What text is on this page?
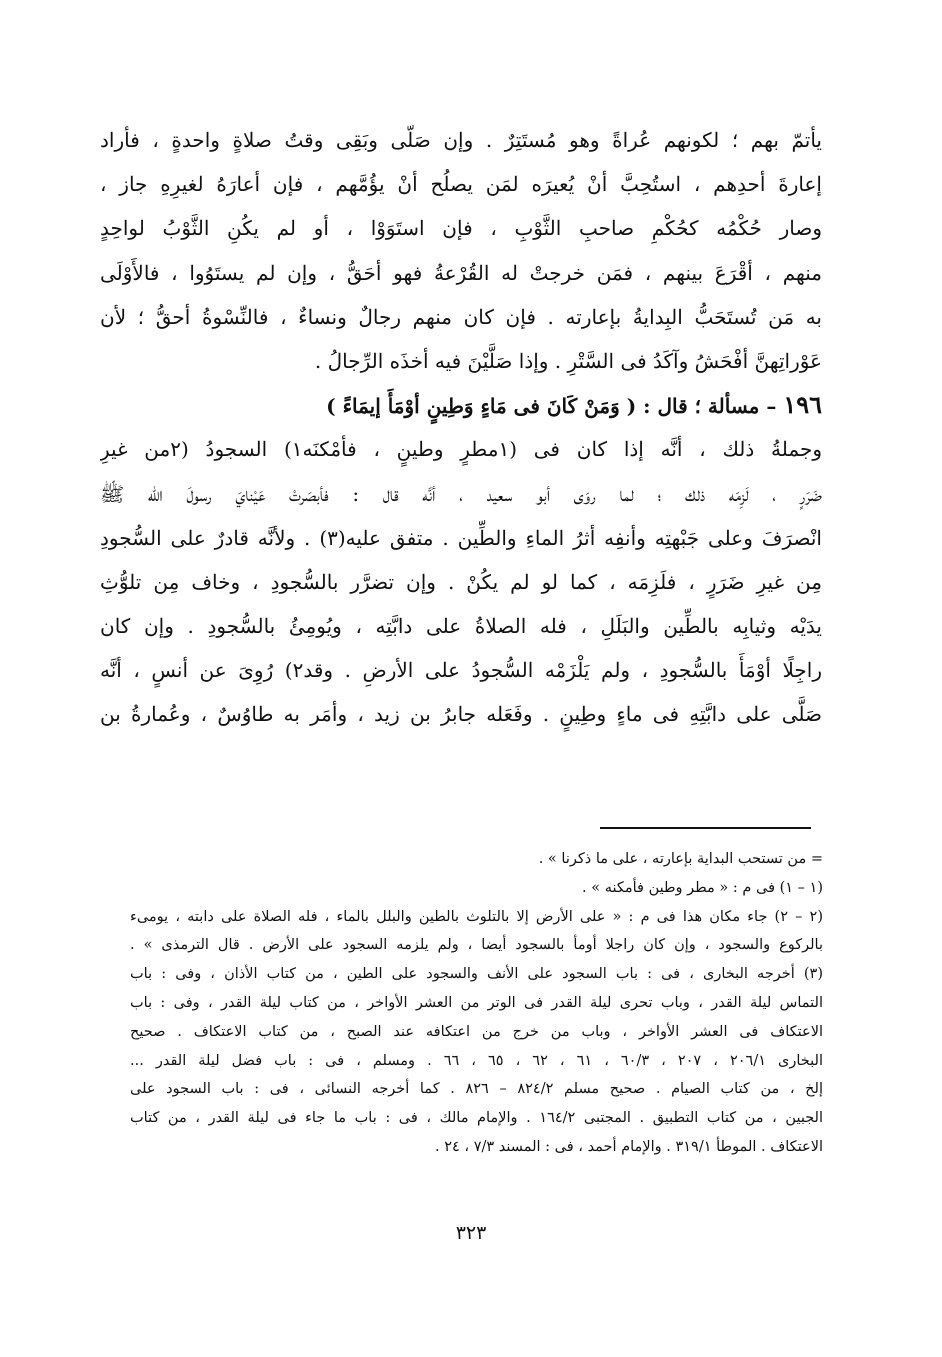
يأتمّ بهم ؛ لكونهم عُراةً وهو مُستَتِرٌ . وإن صَلّى وبَقِى وقتُ صلاةٍ واحدةٍ ، فأراد
إعارةَ أحدِهم ، استُحِبَّ أنْ يُعيرَه لمَن يصلُح أنْ يؤُمَّهم ، فإن أعارَهُ لغيرِهِ جاز ،
وصار حُكْمُه كحُكْمِ صاحبِ الثَّوْبِ ، فإن استَوَوْا ، أو لم يكُنِ الثَّوْبُ لواحِدٍ
منهم ، أقْرَعَ بينهم ، فمَن خرجتْ له القُرْعةُ فهو أحَقُّ ، وإن لم يستَوُوا ، فالأَوْلَى
به مَن تُستَحَبُّ البِدايةُ بإعارته . فإن كان منهم رجالٌ ونساءٌ ، فالنِّسْوةُ أحقُّ ؛ لأن
عَوْراتِهنَّ أفْحَشُ وآكَدُ فى السَّتْرِ . وإذا صَلَّيْنَ فيه أخذَه الرِّجالُ .
١٩٦ – مسألة ؛ قال : ( وَمَنْ كَانَ فى مَاءٍ وَطِينٍ أوْمَأَ إيمَاءً )
وجملةُ ذلك ، أنَّه إذا كان فى (١مطرٍ وطينٍ ، فأمْكنَه١) السجودُ (٢من غيرِ
ضَرَرٍ ، لَزِمَه ذلك ؛ لما روَى أبو سعيد ، أنَّه قال : فأبصَرتْ عَيْنايَ رسولَ الله ﷺ
انْصرَفَ وعلى جَبْهتِه وأنفِه أثرُ الماءِ والطِّين . متفق عليه(٣) . ولأنَّه قادرٌ على السُّجودِ
مِن غيرِ ضَرَرٍ ، فلَزِمَه ، كما لو لم يكُنْ . وإن تضرَّر بالسُّجودِ ، وخاف مِن تلوُّثِ
يدَيْه وثيابِه بالطِّين والبَلَلِ ، فله الصلاةُ على دابَّتِه ، ويُومِئُ بالسُّجودِ . وإن كان
راجِلًا أوْمَأَ بالسُّجودِ ، ولم يَلْزَمْه السُّجودُ على الأرضِ . وقد٢) رُوِىَ عن أنسٍ ، أنَّه
صَلَّى على دابَّتِهِ فى ماءٍ وطِينٍ . وفَعَله جابرُ بن زيد ، وأمَر به طاوُسٌ ، وعُمارةُ بن
= من تستحب البداية بإعارته ، على ما ذكرنا » .
(١ – ١) فى م : « مطر وطين فأمكنه » .
(٢ – ٢) جاء مكان هذا فى م : « على الأرض إلا بالتلوث بالطين والبلل بالماء ، فله الصلاة على دابته ، يومىء
بالركوع والسجود ، وإن كان راجلا أومأ بالسجود أيضا ، ولم يلزمه السجود على الأرض . قال الترمذى » .
(٣) أخرجه البخارى ، فى : باب السجود على الأنف والسجود على الطين ، من كتاب الأذان ، وفى : باب
التماس ليلة القدر ، وباب تحرى ليلة القدر فى الوتر من العشر الأواخر ، من كتاب ليلة القدر ، وفى : باب
الاعتكاف فى العشر الأواخر ، وباب من خرج من اعتكافه عند الصبح ، من كتاب الاعتكاف . صحيح
البخارى ٢٠٦/١ ، ٢٠٧ ، ٦٠/٣ ، ٦١ ، ٦٢ ، ٦٥ ، ٦٦ . ومسلم ، فى : باب فضل ليلة القدر ...
إلخ ، من كتاب الصيام . صحيح مسلم ٨٢٤/٢ – ٨٢٦ . كما أخرجه النسائى ، فى : باب السجود على
الجبين ، من كتاب التطبيق . المجتبى ١٦٤/٢ . والإمام مالك ، فى : باب ما جاء فى ليلة القدر ، من كتاب
الاعتكاف . الموطأ ٣١٩/١ . والإمام أحمد ، فى : المسند ٧/٣ ، ٢٤ .
٣٢٣
